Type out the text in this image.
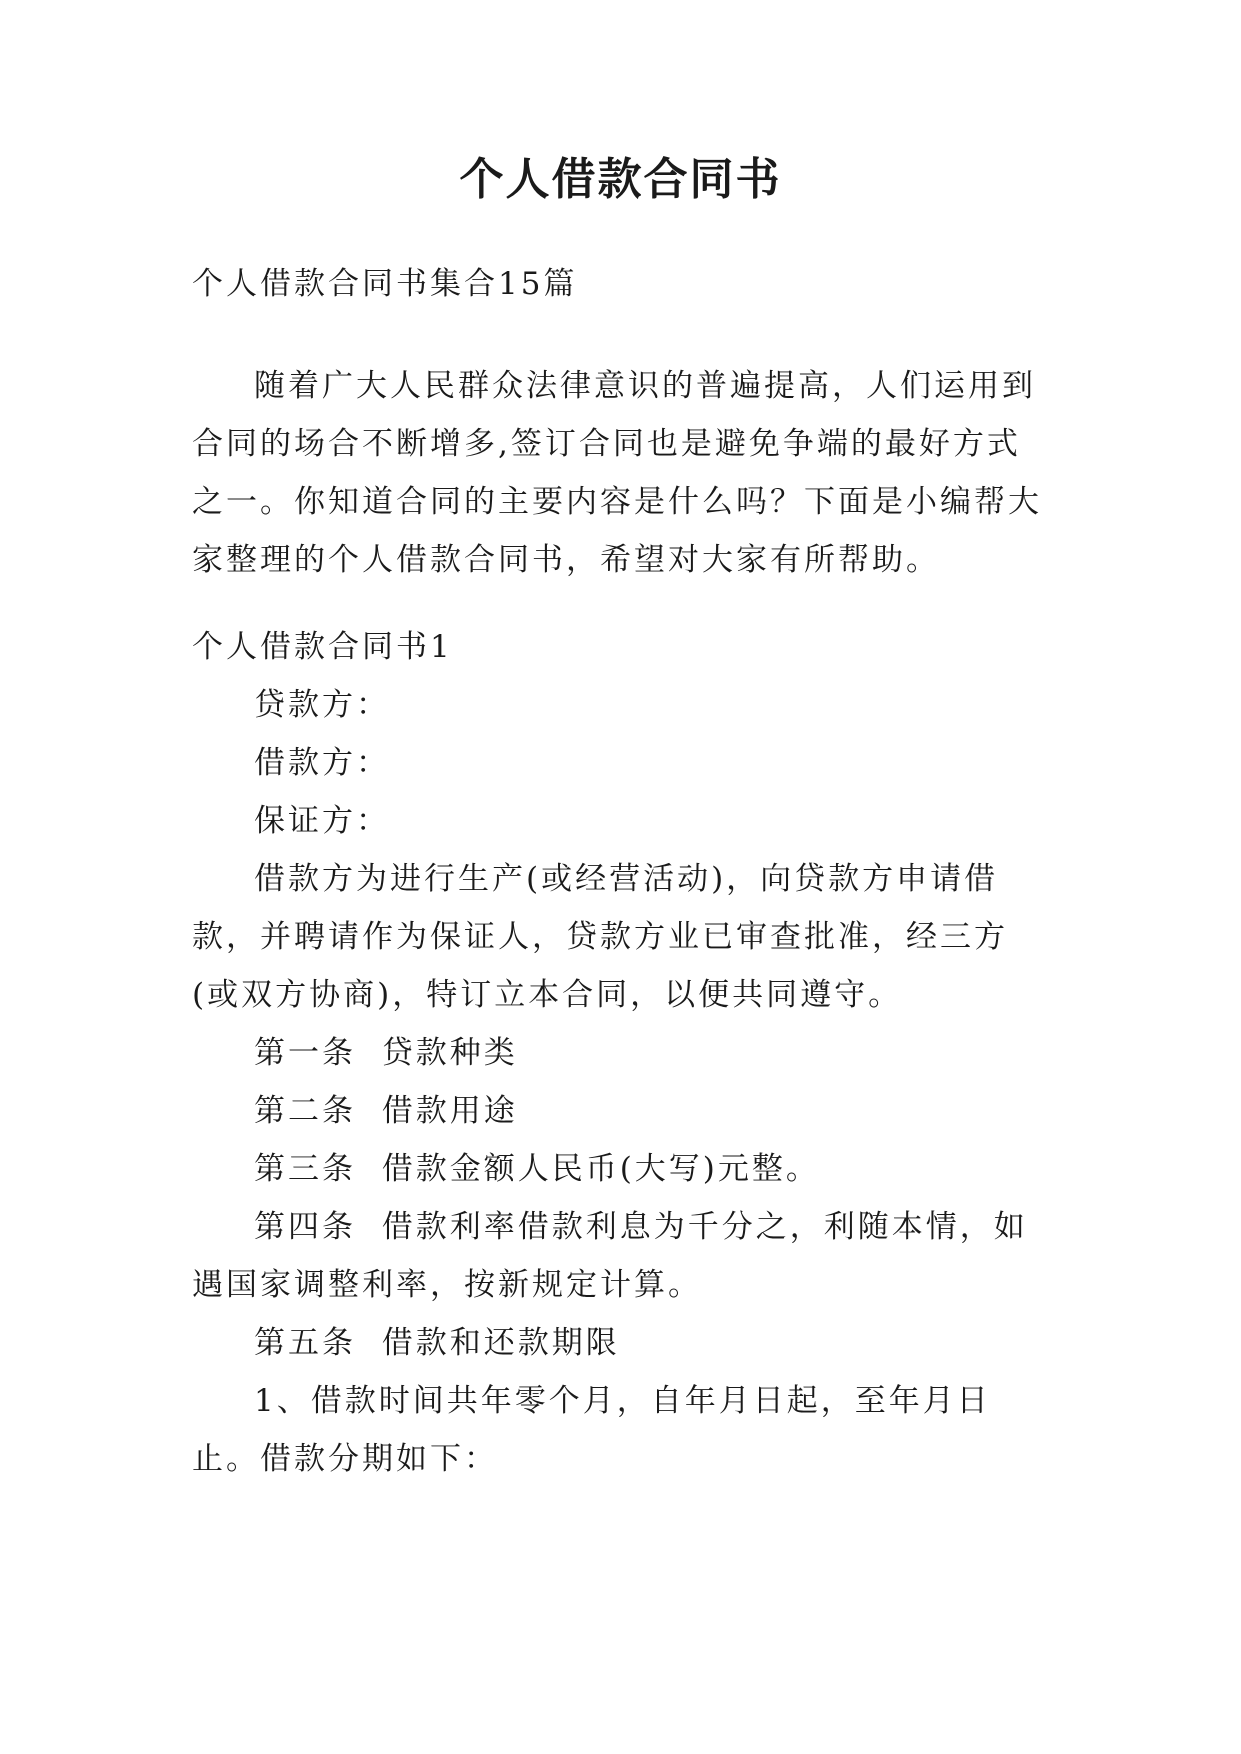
个人借款合同书

个人借款合同书集合15篇

随着广大人民群众法律意识的普遍提高，人们运用到合同的场合不断增多,签订合同也是避免争端的最好方式之一。你知道合同的主要内容是什么吗？下面是小编帮大家整理的个人借款合同书，希望对大家有所帮助。

个人借款合同书1

贷款方：

借款方：

保证方：

借款方为进行生产(或经营活动)，向贷款方申请借款，并聘请作为保证人，贷款方业已审查批准，经三方(或双方协商)，特订立本合同，以便共同遵守。

第一条  贷款种类

第二条  借款用途

第三条  借款金额人民币(大写)元整。

第四条  借款利率借款利息为千分之，利随本情，如遇国家调整利率，按新规定计算。

第五条  借款和还款期限

1、借款时间共年零个月，自年月日起，至年月日止。借款分期如下：
